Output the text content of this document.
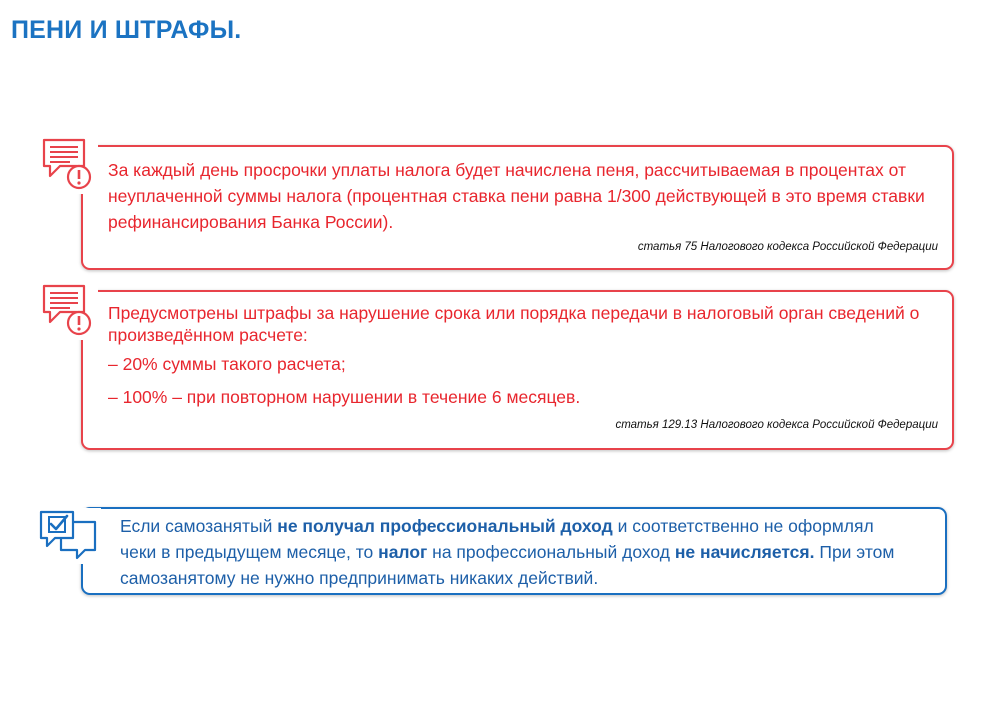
ПЕНИ И ШТРАФЫ.
За каждый день просрочки уплаты налога будет начислена пеня, рассчитываемая в процентах от неуплаченной суммы налога (процентная ставка пени равна 1/300 действующей в это время ставки рефинансирования Банка России).
статья 75 Налогового кодекса Российской Федерации
Предусмотрены штрафы за нарушение срока или порядка передачи в налоговый орган сведений о произведённом расчете:
– 20% суммы такого расчета;
– 100% – при повторном нарушении в течение 6 месяцев.
статья 129.13 Налогового кодекса Российской Федерации
Если самозанятый не получал профессиональный доход и соответственно не оформлял чеки в предыдущем месяце, то налог на профессиональный доход не начисляется. При этом самозанятому не нужно предпринимать никаких действий.
